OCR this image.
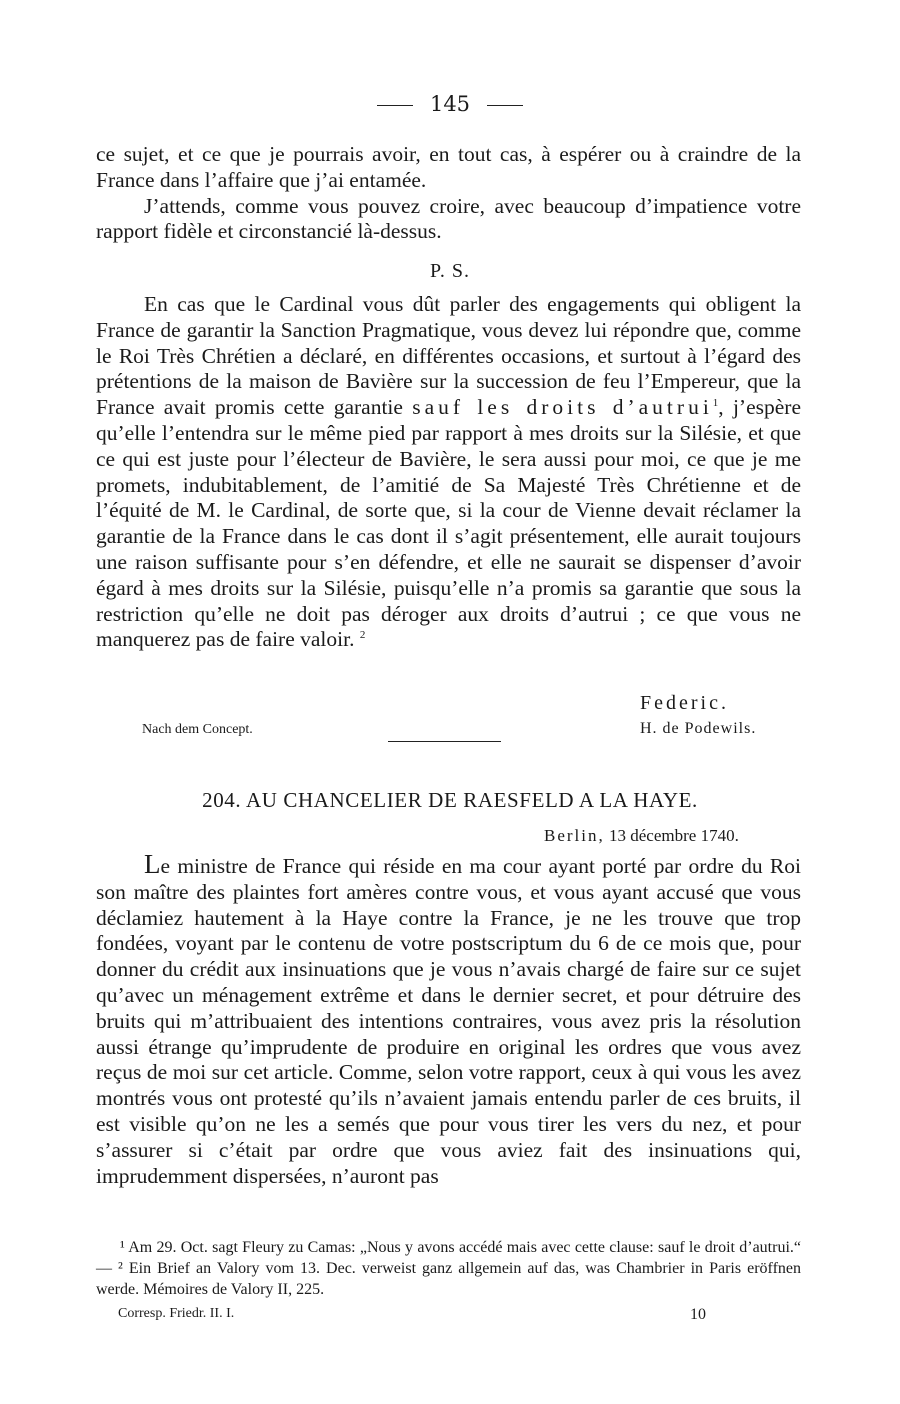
145

ce sujet, et ce que je pourrais avoir, en tout cas, à espérer ou à craindre de la France dans l’affaire que j’ai entamée.

J’attends, comme vous pouvez croire, avec beaucoup d’impatience votre rapport fidèle et circonstancié là-dessus.

P. S.

En cas que le Cardinal vous dût parler des engagements qui obligent la France de garantir la Sanction Pragmatique, vous devez lui répondre que, comme le Roi Très Chrétien a déclaré, en différentes occasions, et surtout à l’égard des prétentions de la maison de Bavière sur la succession de feu l’Empereur, que la France avait promis cette garantie sauf les droits d’autrui$^1$, j’espère qu’elle l’entendra sur le même pied par rapport à mes droits sur la Silésie, et que ce qui est juste pour l’électeur de Bavière, le sera aussi pour moi, ce que je me promets, indubitablement, de l’amitié de Sa Majesté Très Chrétienne et de l’équité de M. le Cardinal, de sorte que, si la cour de Vienne devait réclamer la garantie de la France dans le cas dont il s’agit présentement, elle aurait toujours une raison suffisante pour s’en défendre, et elle ne saurait se dispenser d’avoir égard à mes droits sur la Silésie, puisqu’elle n’a promis sa garantie que sous la restriction qu’elle ne doit pas déroger aux droits d’autrui ; ce que vous ne manquerez pas de faire valoir. $^2$

Federic.
Nach dem Concept.	H. de Podewils.
204. AU CHANCELIER DE RAESFELD A LA HAYE.
Berlin, 13 décembre 1740.

Le ministre de France qui réside en ma cour ayant porté par ordre du Roi son maître des plaintes fort amères contre vous, et vous ayant accusé que vous déclamiez hautement à la Haye contre la France, je ne les trouve que trop fondées, voyant par le contenu de votre postscriptum du 6 de ce mois que, pour donner du crédit aux insinuations que je vous n’avais chargé de faire sur ce sujet qu’avec un ménagement extrême et dans le dernier secret, et pour détruire des bruits qui m’attribuaient des intentions contraires, vous avez pris la résolution aussi étrange qu’imprudente de produire en original les ordres que vous avez reçus de moi sur cet article. Comme, selon votre rapport, ceux à qui vous les avez montrés vous ont protesté qu’ils n’avaient jamais entendu parler de ces bruits, il est visible qu’on ne les a semés que pour vous tirer les vers du nez, et pour s’assurer si c’était par ordre que vous aviez fait des insinuations qui, imprudemment dispersées, n’auront pas

¹ Am 29. Oct. sagt Fleury zu Camas: „Nous y avons accédé mais avec cette clause: sauf le droit d’autrui.“ — ² Ein Brief an Valory vom 13. Dec. verweist ganz allgemein auf das, was Chambrier in Paris eröffnen werde. Mémoires de Valory II, 225.

Corresp. Friedr. II. I.	10
